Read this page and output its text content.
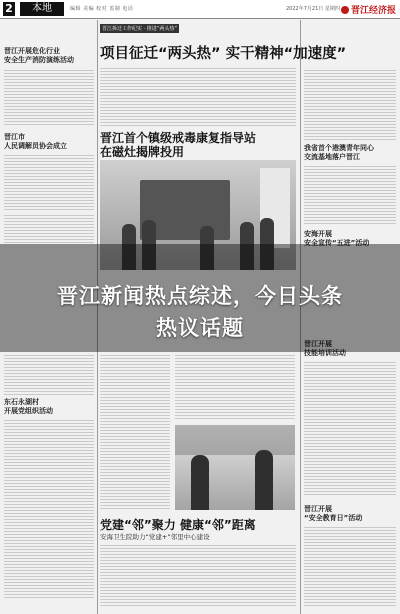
2	本地	编辑 美编 校对 监制 电话	2022年7月21日 星期四	晋江经济报
晋江开展危化行业
安全生产消防演练活动
晋江市
人民调解员协会成立
东石永湖村
开展党组织活动
晋江拆迁工作纪实 · 推进“两头热”
项目征迁“两头热” 实干精神“加速度”
晋江首个镇级戒毒康复指导站
在磁灶揭牌投用
党建“邻”聚力 健康“邻”距离
安海卫生院助力“党建+”邻里中心建设
我省首个港澳青年同心
交流基地落户晋江
安海开展
安全宣传“五进”活动
晋江开展
技能培训活动
晋江开展
“安全教育日”活动
晋江新闻热点综述，今日头条
热议话题
